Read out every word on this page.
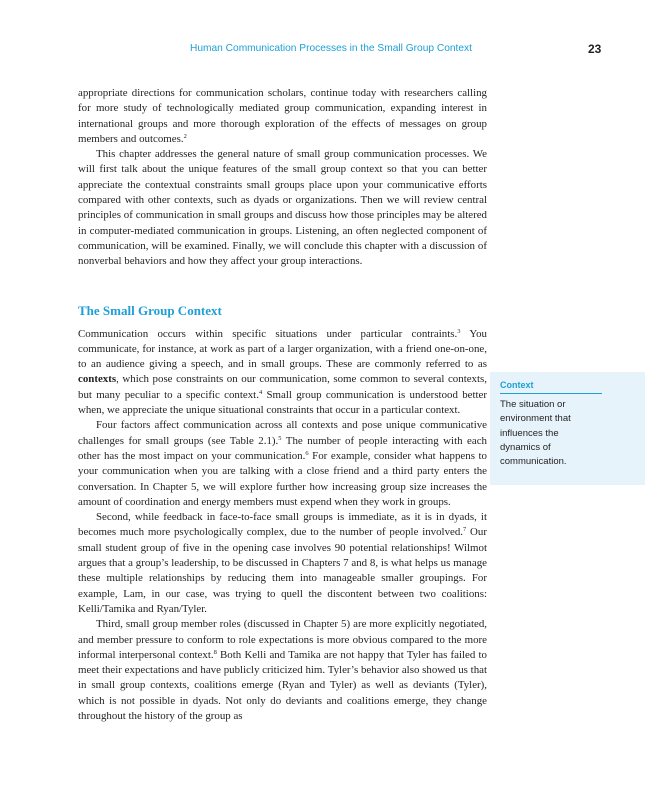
Human Communication Processes in the Small Group Context	23

appropriate directions for communication scholars, continue today with researchers calling for more study of technologically mediated group communication, expanding interest in international groups and more thorough exploration of the effects of messages on group members and outcomes.$^2$

This chapter addresses the general nature of small group communication processes. We will first talk about the unique features of the small group context so that you can better appreciate the contextual constraints small groups place upon your communicative efforts compared with other contexts, such as dyads or organizations. Then we will review central principles of communication in small groups and discuss how those principles may be altered in computer-mediated communication in groups. Listening, an often neglected component of communication, will be examined. Finally, we will conclude this chapter with a discussion of nonverbal behaviors and how they affect your group interactions.

The Small Group Context

Communication occurs within specific situations under particular contraints.$^3$ You communicate, for instance, at work as part of a larger organization, with a friend one-on-one, to an audience giving a speech, and in small groups. These are commonly referred to as contexts, which pose constraints on our communication, some common to several contexts, but many peculiar to a specific context.$^4$ Small group communication is understood better when, we appreciate the unique situational constraints that occur in a particular context.

Four factors affect communication across all contexts and pose unique communicative challenges for small groups (see Table 2.1).$^5$ The number of people interacting with each other has the most impact on your communication.$^6$ For example, consider what happens to your communication when you are talking with a close friend and a third party enters the conversation. In Chapter 5, we will explore further how increasing group size increases the amount of coordination and energy members must expend when they work in groups.

Second, while feedback in face-to-face small groups is immediate, as it is in dyads, it becomes much more psychologically complex, due to the number of people involved.$^7$ Our small student group of five in the opening case involves 90 potential relationships! Wilmot argues that a group’s leadership, to be discussed in Chapters 7 and 8, is what helps us manage these multiple relationships by reducing them into manageable smaller groupings. For example, Lam, in our case, was trying to quell the discontent between two coalitions: Kelli/Tamika and Ryan/Tyler.

Third, small group member roles (discussed in Chapter 5) are more explicitly negotiated, and member pressure to conform to role expectations is more obvious compared to the more informal interpersonal context.$^8$ Both Kelli and Tamika are not happy that Tyler has failed to meet their expectations and have publicly criticized him. Tyler’s behavior also showed us that in small group contexts, coalitions emerge (Ryan and Tyler) as well as deviants (Tyler), which is not possible in dyads. Not only do deviants and coalitions emerge, they change throughout the history of the group as

Context
The situation or environment that influences the dynamics of communication.
